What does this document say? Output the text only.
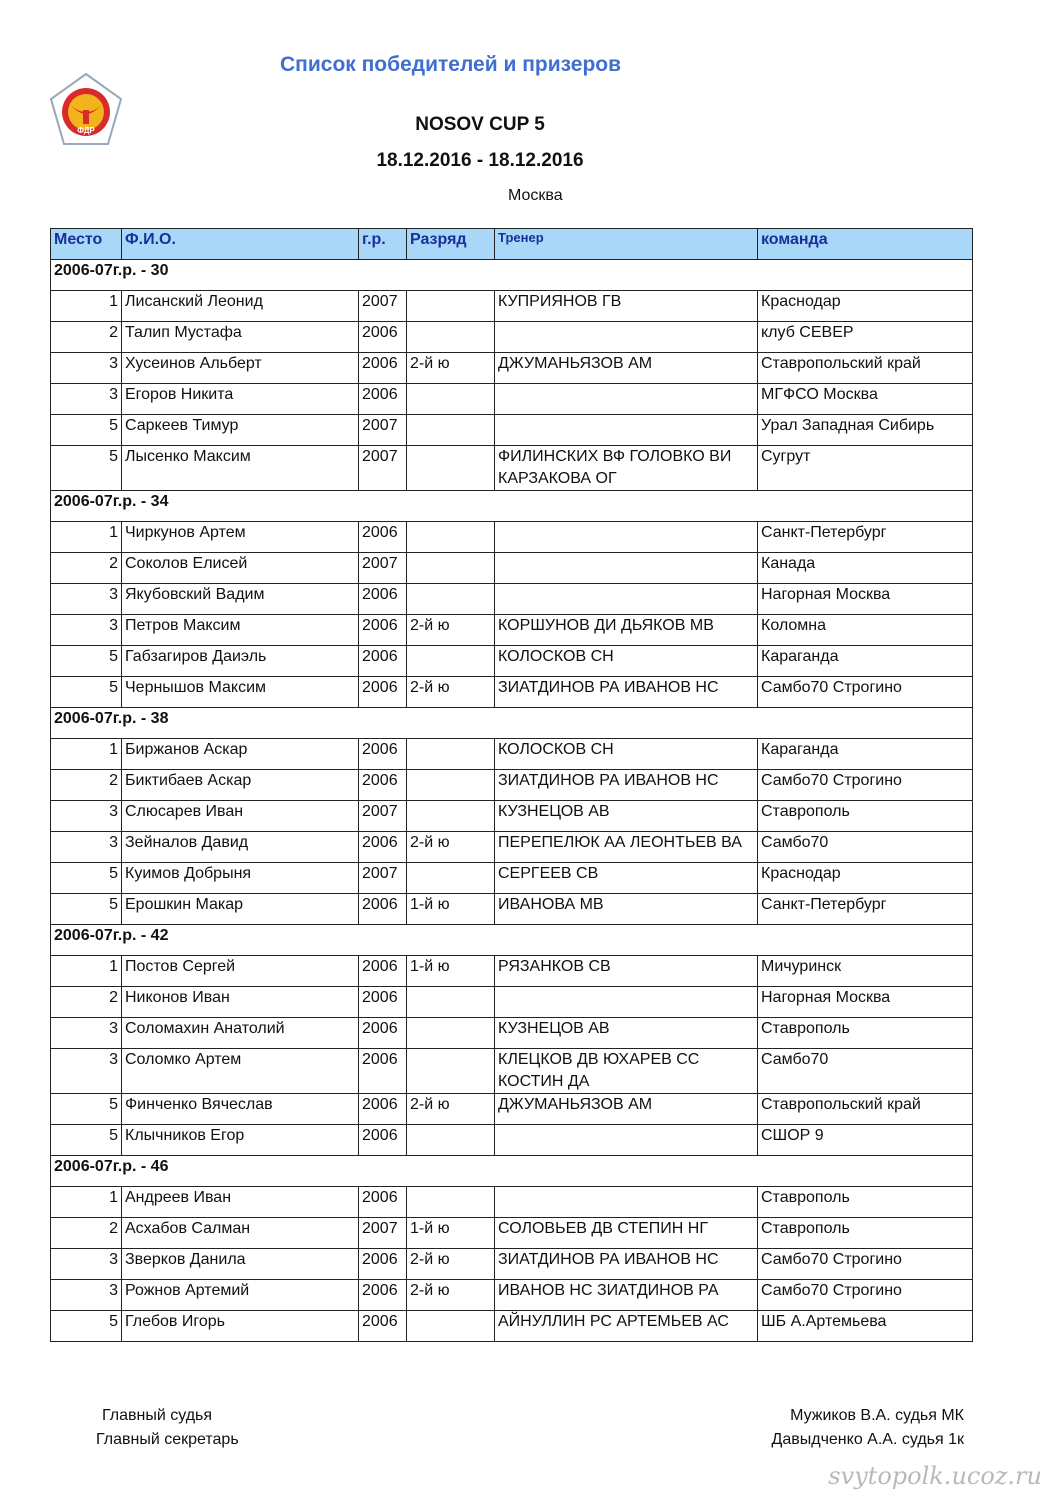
Список победителей и призеров
ФДР	NOSOV CUP 5
18.12.2016 - 18.12.2016
Москва
Место	Ф.И.О.	г.р.	Разряд	Тренер	команда
2006-07г.р. - 30					
1	Лисанский Леонид	2007		КУПРИЯНОВ ГВ	Краснодар
2	Талип Мустафа	2006			клуб СЕВЕР
3	Хусеинов Альберт	2006	2-й ю	ДЖУМАНЬЯЗОВ АМ	Ставропольский край
3	Егоров Никита	2006			МГФСО Москва
5	Саркеев Тимур	2007			Урал Западная Сибирь
5	Лысенко Максим	2007		ФИЛИНСКИХ ВФ ГОЛОВКО ВИ КАРЗАКОВА ОГ	Сугрут
2006-07г.р. - 34					
1	Чиркунов Артем	2006			Санкт-Петербург
2	Соколов Елисей	2007			Канада
3	Якубовский Вадим	2006			Нагорная Москва
3	Петров Максим	2006	2-й ю	КОРШУНОВ ДИ ДЬЯКОВ МВ	Коломна
5	Габзагиров Даиэль	2006		КОЛОСКОВ СН	Караганда
5	Чернышов Максим	2006	2-й ю	ЗИАТДИНОВ РА ИВАНОВ НС	Самбо70 Строгино
2006-07г.р. - 38					
1	Биржанов Аскар	2006		КОЛОСКОВ СН	Караганда
2	Биктибаев Аскар	2006		ЗИАТДИНОВ РА ИВАНОВ НС	Самбо70 Строгино
3	Слюсарев Иван	2007		КУЗНЕЦОВ АВ	Ставрополь
3	Зейналов Давид	2006	2-й ю	ПЕРЕПЕЛЮК АА ЛЕОНТЬЕВ ВА	Самбо70
5	Куимов Добрыня	2007		СЕРГЕЕВ СВ	Краснодар
5	Ерошкин Макар	2006	1-й ю	ИВАНОВА МВ	Санкт-Петербург
2006-07г.р. - 42					
1	Постов Сергей	2006	1-й ю	РЯЗАНКОВ СВ	Мичуринск
2	Никонов Иван	2006			Нагорная Москва
3	Соломахин Анатолий	2006		КУЗНЕЦОВ АВ	Ставрополь
3	Соломко Артем	2006		КЛЕЦКОВ ДВ ЮХАРЕВ СС КОСТИН ДА	Самбо70
5	Финченко Вячеслав	2006	2-й ю	ДЖУМАНЬЯЗОВ АМ	Ставропольский край
5	Клычников Егор	2006			СШОР 9
2006-07г.р. - 46					
1	Андреев Иван	2006			Ставрополь
2	Асхабов Салман	2007	1-й ю	СОЛОВЬЕВ ДВ СТЕПИН НГ	Ставрополь
3	Зверков Данила	2006	2-й ю	ЗИАТДИНОВ РА ИВАНОВ НС	Самбо70 Строгино
3	Рожнов Артемий	2006	2-й ю	ИВАНОВ НС ЗИАТДИНОВ РА	Самбо70 Строгино
5	Глебов Игорь	2006		АЙНУЛЛИН РС АРТЕМЬЕВ АС	ШБ А.Артемьева
Главный судья
Главный секретарь
Мужиков В.А. судья МК
Давыдченко А.А. судья 1к
svytopolk.ucoz.ru
